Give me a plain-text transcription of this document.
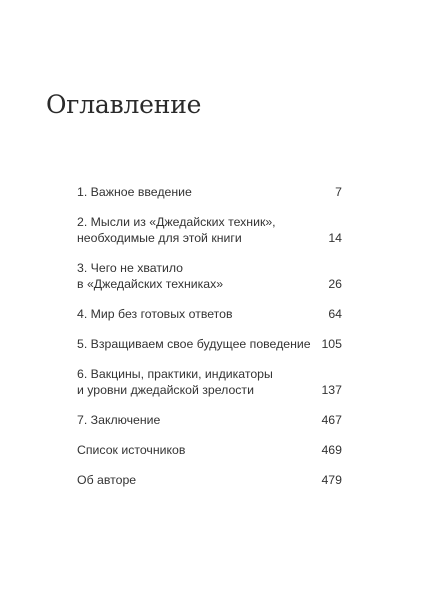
Оглавление
1. Важное введение	7
2. Мысли из «Джедайских техник»,
необходимые для этой книги	14
3. Чего не хватило
в «Джедайских техниках»	26
4. Мир без готовых ответов	64
5. Взращиваем свое будущее поведение 105
6. Вакцины, практики, индикаторы
и уровни джедайской зрелости	137
7. Заключение	467
Список источников	469
Об авторе	479
